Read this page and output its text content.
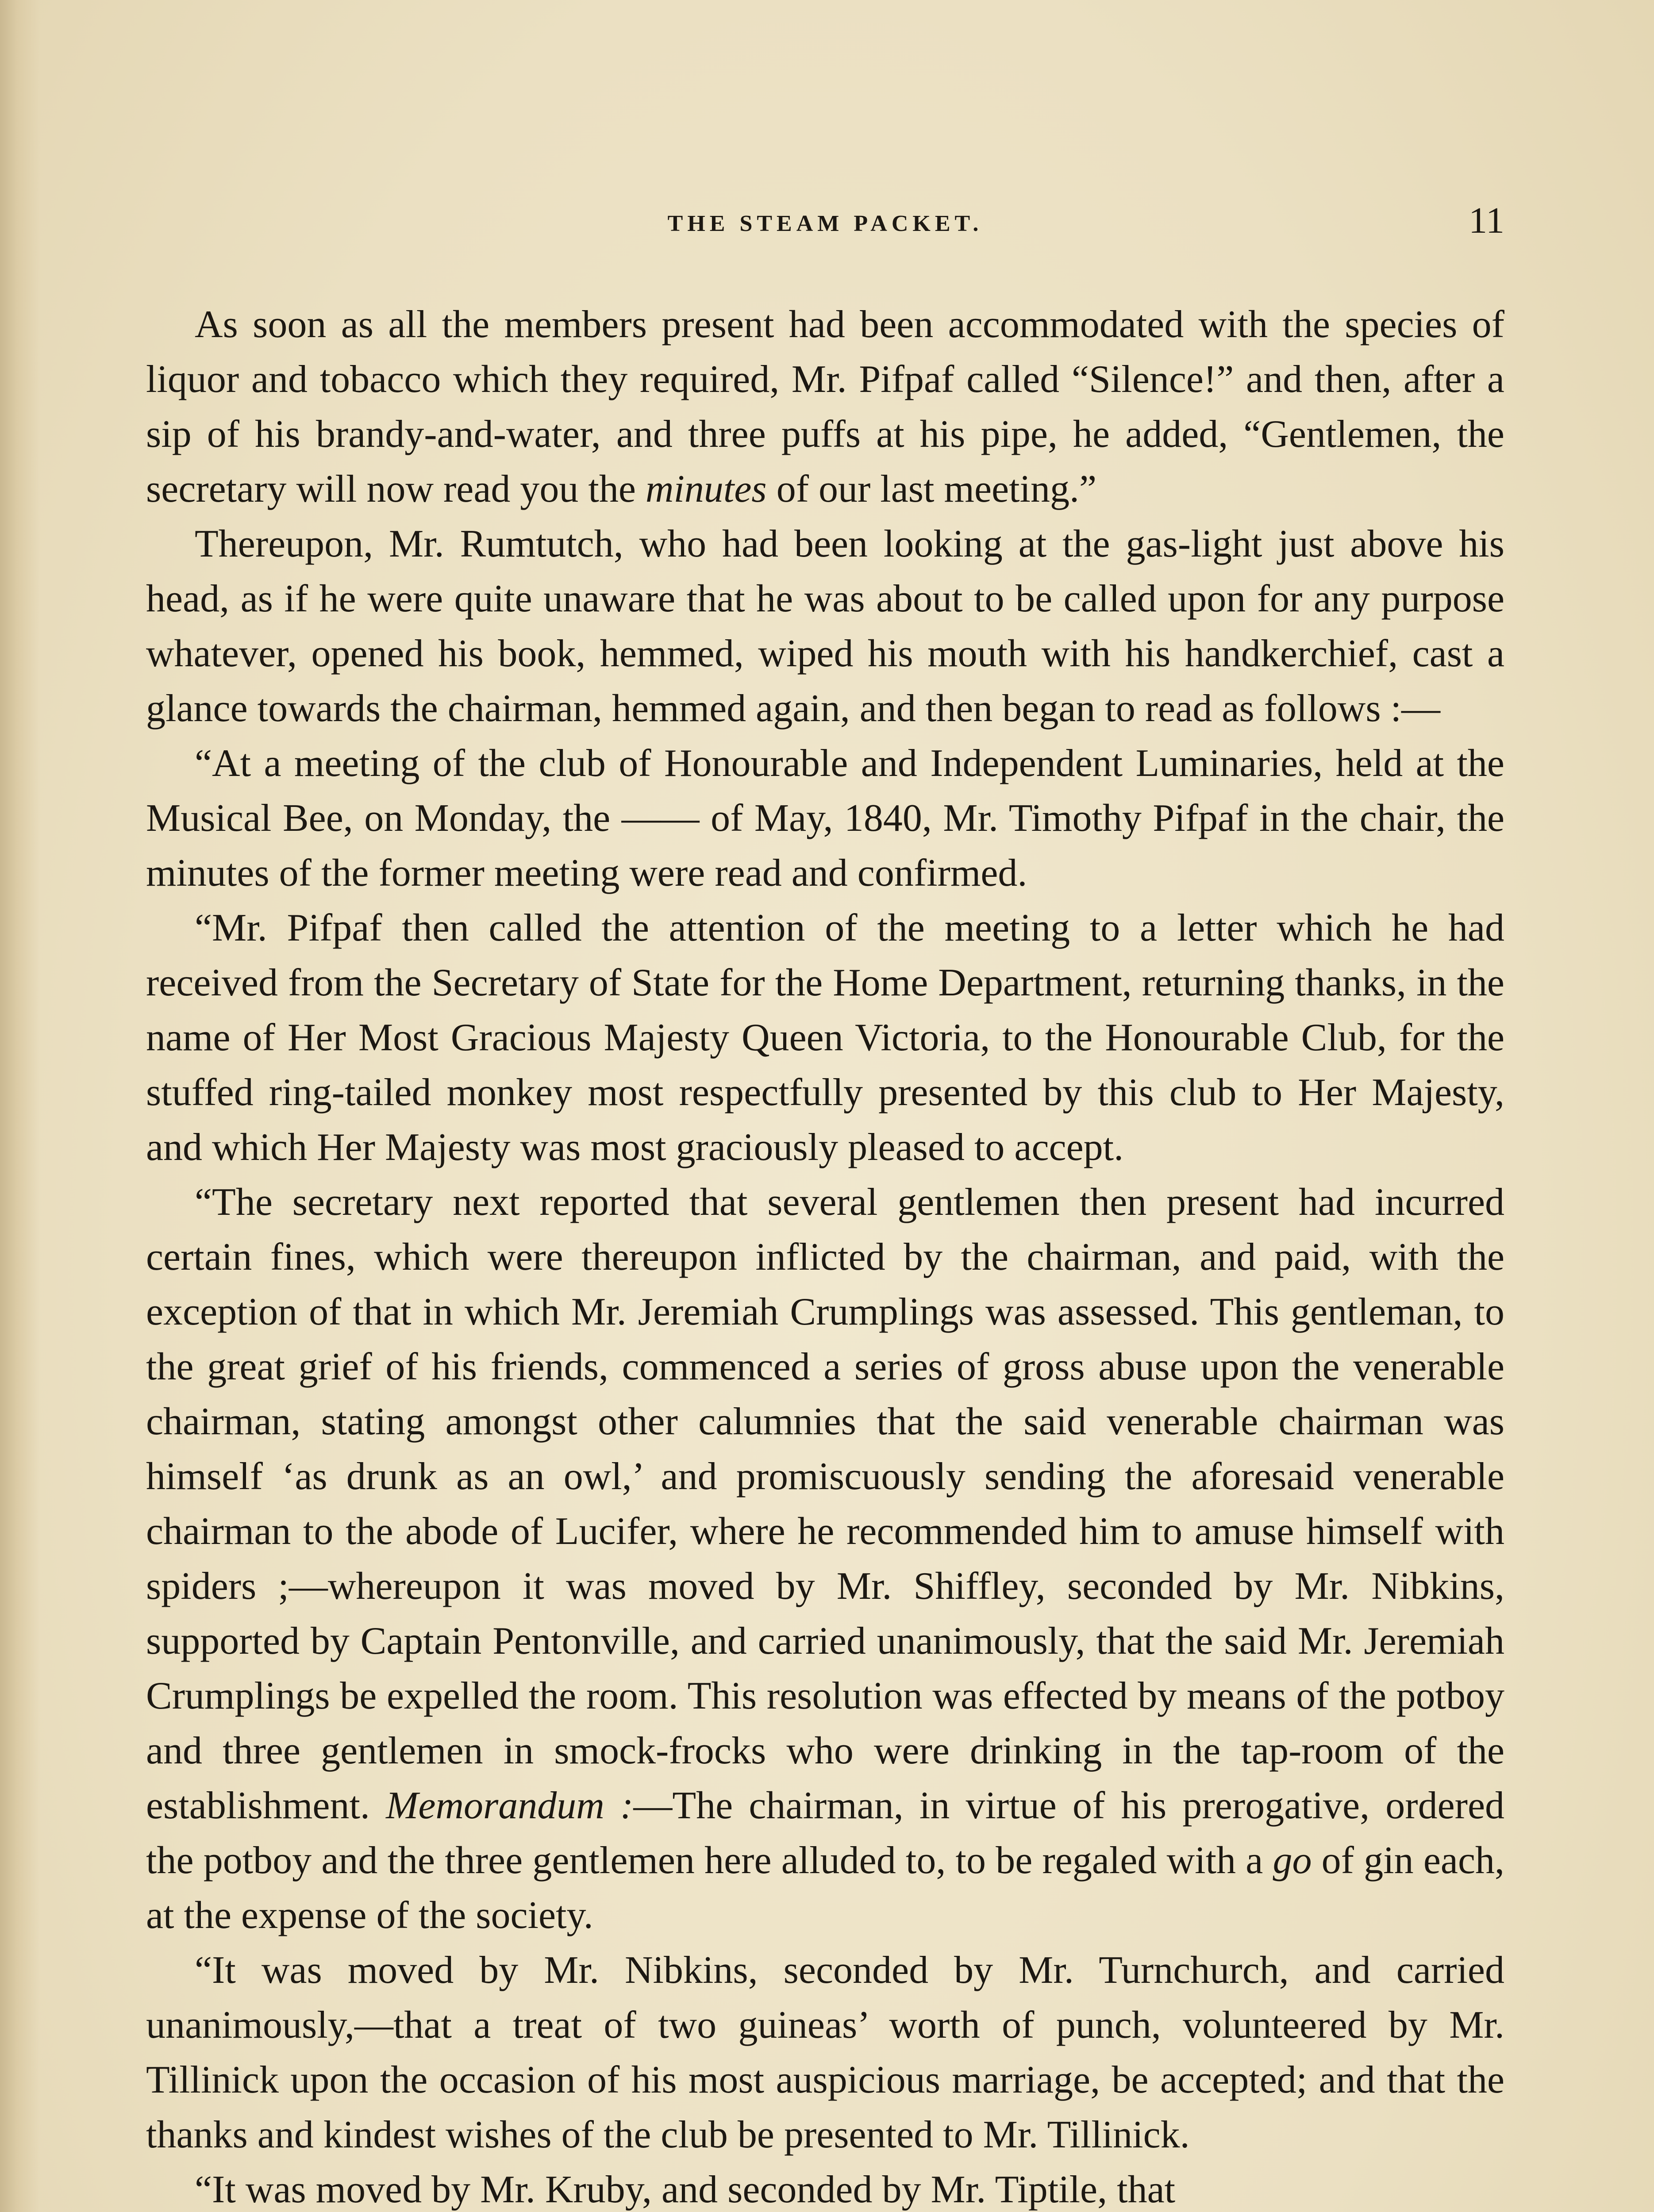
THE STEAM PACKET.	11

As soon as all the members present had been accommodated with the species of liquor and tobacco which they required, Mr. Pifpaf called “Silence!” and then, after a sip of his brandy-and-water, and three puffs at his pipe, he added, “Gentlemen, the secretary will now read you the minutes of our last meeting.”

Thereupon, Mr. Rumtutch, who had been looking at the gas-light just above his head, as if he were quite unaware that he was about to be called upon for any purpose whatever, opened his book, hemmed, wiped his mouth with his handkerchief, cast a glance towards the chairman, hemmed again, and then began to read as follows :—

“At a meeting of the club of Honourable and Independent Luminaries, held at the Musical Bee, on Monday, the —— of May, 1840, Mr. Timothy Pifpaf in the chair, the minutes of the former meeting were read and confirmed.

“Mr. Pifpaf then called the attention of the meeting to a letter which he had received from the Secretary of State for the Home Department, returning thanks, in the name of Her Most Gracious Majesty Queen Victoria, to the Honourable Club, for the stuffed ring-tailed monkey most respectfully presented by this club to Her Majesty, and which Her Majesty was most graciously pleased to accept.

“The secretary next reported that several gentlemen then present had incurred certain fines, which were thereupon inflicted by the chairman, and paid, with the exception of that in which Mr. Jeremiah Crumplings was assessed. This gentleman, to the great grief of his friends, commenced a series of gross abuse upon the venerable chairman, stating amongst other calumnies that the said venerable chairman was himself ‘as drunk as an owl,’ and promiscuously sending the aforesaid venerable chairman to the abode of Lucifer, where he recommended him to amuse himself with spiders ;—whereupon it was moved by Mr. Shiffley, seconded by Mr. Nibkins, supported by Captain Pentonville, and carried unanimously, that the said Mr. Jeremiah Crumplings be expelled the room. This resolution was effected by means of the potboy and three gentlemen in smock-frocks who were drinking in the tap-room of the establishment. Memorandum :—The chairman, in virtue of his prerogative, ordered the potboy and the three gentlemen here alluded to, to be regaled with a go of gin each, at the expense of the society.

“It was moved by Mr. Nibkins, seconded by Mr. Turnchurch, and carried unanimously,—that a treat of two guineas’ worth of punch, volunteered by Mr. Tillinick upon the occasion of his most auspicious marriage, be accepted; and that the thanks and kindest wishes of the club be presented to Mr. Tillinick.

“It was moved by Mr. Kruby, and seconded by Mr. Tiptile, that
